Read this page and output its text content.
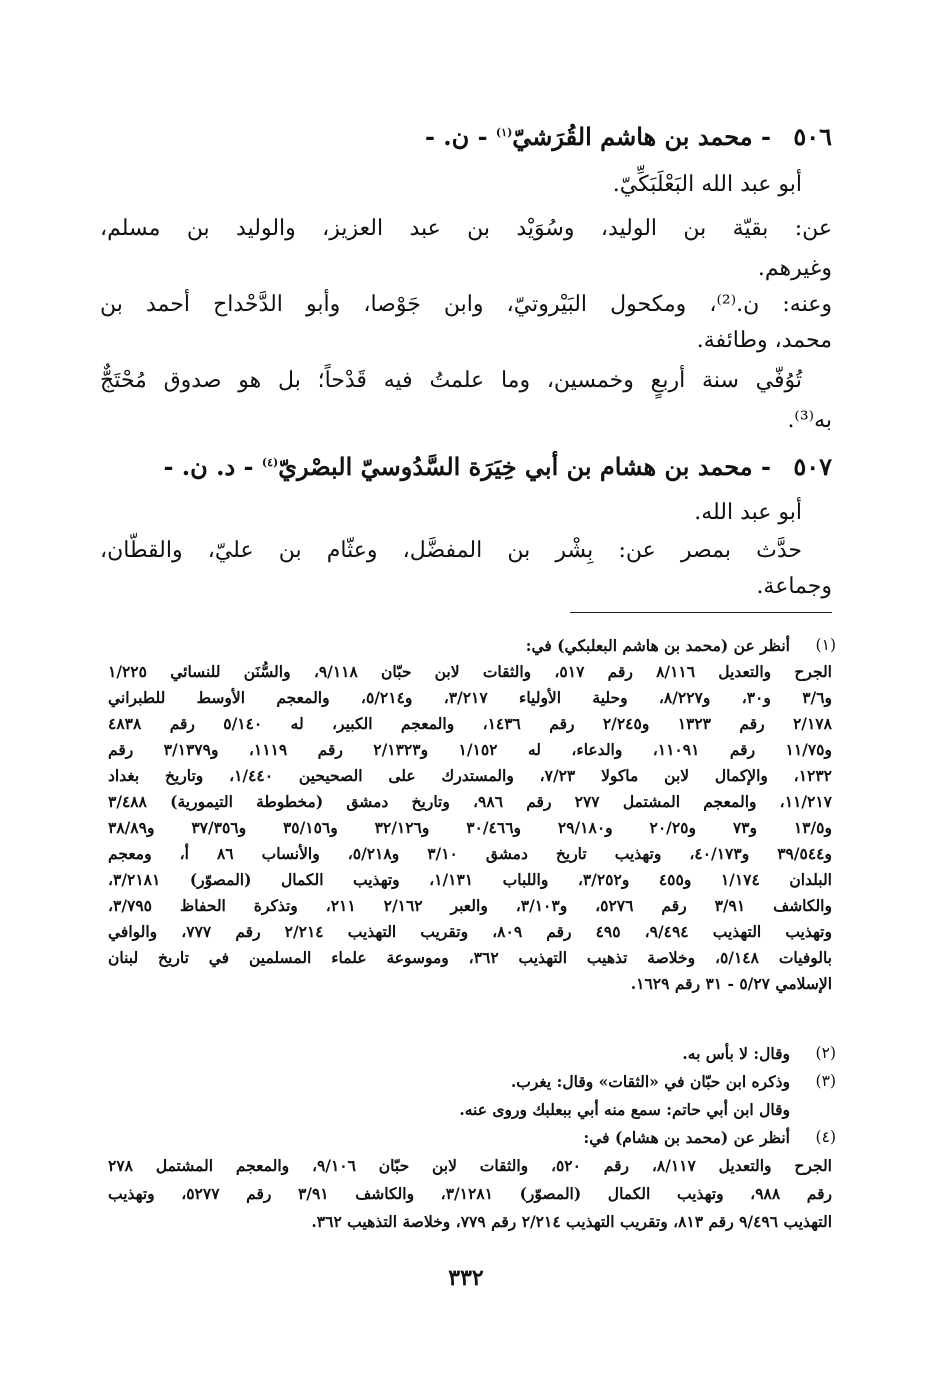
٥٠٦ - محمد بن هاشم القُرَشيّ$^{(١)}$ - ن. -
أبو عبد الله البَعْلَبَكِّيّ.
عن: بقيّة بن الوليد، وسُوَيْد بن عبد العزيز، والوليد بن مسلم،
وغيرهم.
وعنه: ن.⁽²⁾، ومكحول البَيْروتيّ، وابن جَوْصا، وأبو الدَّحْداح أحمد بن
محمد، وطائفة.
تُوُفّي سنة أربعٍ وخمسين، وما علمتُ فيه قَدْحاً؛ بل هو صدوق مُحْتَجٌّ
به⁽³⁾.
٥٠٧ - محمد بن هشام بن أبي خِيَرَة السَّدُوسيّ البصْريّ$^{(٤)}$ - د. ن. -
أبو عبد الله.
حدَّث بمصر عن: بِشْر بن المفضَّل، وعثّام بن عليّ، والقطّان،
وجماعة.
(١)
أنظر عن (محمد بن هاشم البعلبكي) في:
الجرح والتعديل ٨/١١٦ رقم ٥١٧، والثقات لابن حبّان ٩/١١٨، والسُّنَن للنسائي ١/٢٢٥
و٣/٦ و٣٠، و٨/٢٢٧، وحلية الأولياء ٣/٢١٧، و٥/٢١٤، والمعجم الأوسط للطبراني
٢/١٧٨ رقم ١٣٢٣ و٢/٢٤٥ رقم ١٤٣٦، والمعجم الكبير، له ٥/١٤٠ رقم ٤٨٣٨
و١١/٧٥ رقم ١١٠٩١، والدعاء، له ١/١٥٢ و٢/١٣٢٣ رقم ١١١٩، و٣/١٣٧٩ رقم
١٢٣٢، والإكمال لابن ماكولا ٧/٢٣، والمستدرك على الصحيحين ١/٤٤٠، وتاريخ بغداد
١١/٢١٧، والمعجم المشتمل ٢٧٧ رقم ٩٨٦، وتاريخ دمشق (مخطوطة التيمورية) ٣/٤٨٨
و١٣/٥ و٧٣ و٢٠/٢٥ و٢٩/١٨٠ و٣٠/٤٦٦ و٣٢/١٢٦ و٣٥/١٥٦ و٣٧/٣٥٦ و٣٨/٨٩
و٣٩/٥٤٤ و٤٠/١٧٣، وتهذيب تاريخ دمشق ٣/١٠ و٥/٢١٨، والأنساب ٨٦ أ، ومعجم
البلدان ١/١٧٤ و٤٥٥ و٣/٢٥٢، واللباب ١/١٣١، وتهذيب الكمال (المصوّر) ٣/٢١٨١،
والكاشف ٣/٩١ رقم ٥٢٧٦، و٣/١٠٣، والعبر ٢/١٦٢ ٢١١، وتذكرة الحفاظ ٣/٧٩٥،
وتهذيب التهذيب ٩/٤٩٤، ٤٩٥ رقم ٨٠٩، وتقريب التهذيب ٢/٢١٤ رقم ٧٧٧، والوافي
بالوفيات ٥/١٤٨، وخلاصة تذهيب التهذيب ٣٦٢، وموسوعة علماء المسلمين في تاريخ لبنان
الإسلامي ٥/٢٧ - ٣١ رقم ١٦٢٩.
(٢)
وقال: لا بأس به.
(٣)
وذكره ابن حبّان في «الثقات» وقال: يغرب.
وقال ابن أبي حاتم: سمع منه أبي ببعلبك وروى عنه.
(٤)
أنظر عن (محمد بن هشام) في:
الجرح والتعديل ٨/١١٧، رقم ٥٢٠، والثقات لابن حبّان ٩/١٠٦، والمعجم المشتمل ٢٧٨
رقم ٩٨٨، وتهذيب الكمال (المصوّر) ٣/١٢٨١، والكاشف ٣/٩١ رقم ٥٢٧٧، وتهذيب
التهذيب ٩/٤٩٦ رقم ٨١٣، وتقريب التهذيب ٢/٢١٤ رقم ٧٧٩، وخلاصة التذهيب ٣٦٢.
٣٣٢
